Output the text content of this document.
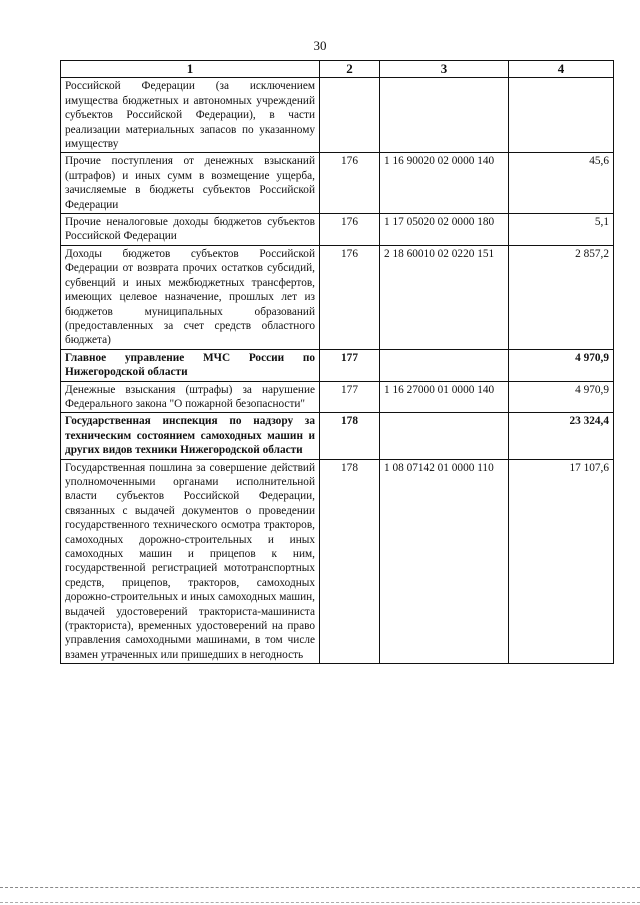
30
1	2	3	4
Российской Федерации (за исключением имущества бюджетных и автономных учреждений субъектов Российской Федерации), в части реализации материальных запасов по указанному имуществу			
Прочие поступления от денежных взысканий (штрафов) и иных сумм в возмещение ущерба, зачисляемые в бюджеты субъектов Российской Федерации	176	1 16 90020 02 0000 140	45,6
Прочие неналоговые доходы бюджетов субъектов Российской Федерации	176	1 17 05020 02 0000 180	5,1
Доходы бюджетов субъектов Российской Федерации от возврата прочих остатков субсидий, субвенций и иных межбюджетных трансфертов, имеющих целевое назначение, прошлых лет из бюджетов муниципальных образований (предоставленных за счет средств областного бюджета)	176	2 18 60010 02 0220 151	2 857,2
Главное управление МЧС России по Нижегородской области	177		4 970,9
Денежные взыскания (штрафы) за нарушение Федерального закона "О пожарной безопасности"	177	1 16 27000 01 0000 140	4 970,9
Государственная инспекция по надзору за техническим состоянием самоходных машин и других видов техники Нижегородской области	178		23 324,4
Государственная пошлина за совершение действий уполномоченными органами исполнительной власти субъектов Российской Федерации, связанных с выдачей документов о проведении государственного технического осмотра тракторов, самоходных дорожно-строительных и иных самоходных машин и прицепов к ним, государственной регистрацией мототранспортных средств, прицепов, тракторов, самоходных дорожно-строительных и иных самоходных машин, выдачей удостоверений тракториста-машиниста (тракториста), временных удостоверений на право управления самоходными машинами, в том числе взамен утраченных или пришедших в негодность	178	1 08 07142 01 0000 110	17 107,6
